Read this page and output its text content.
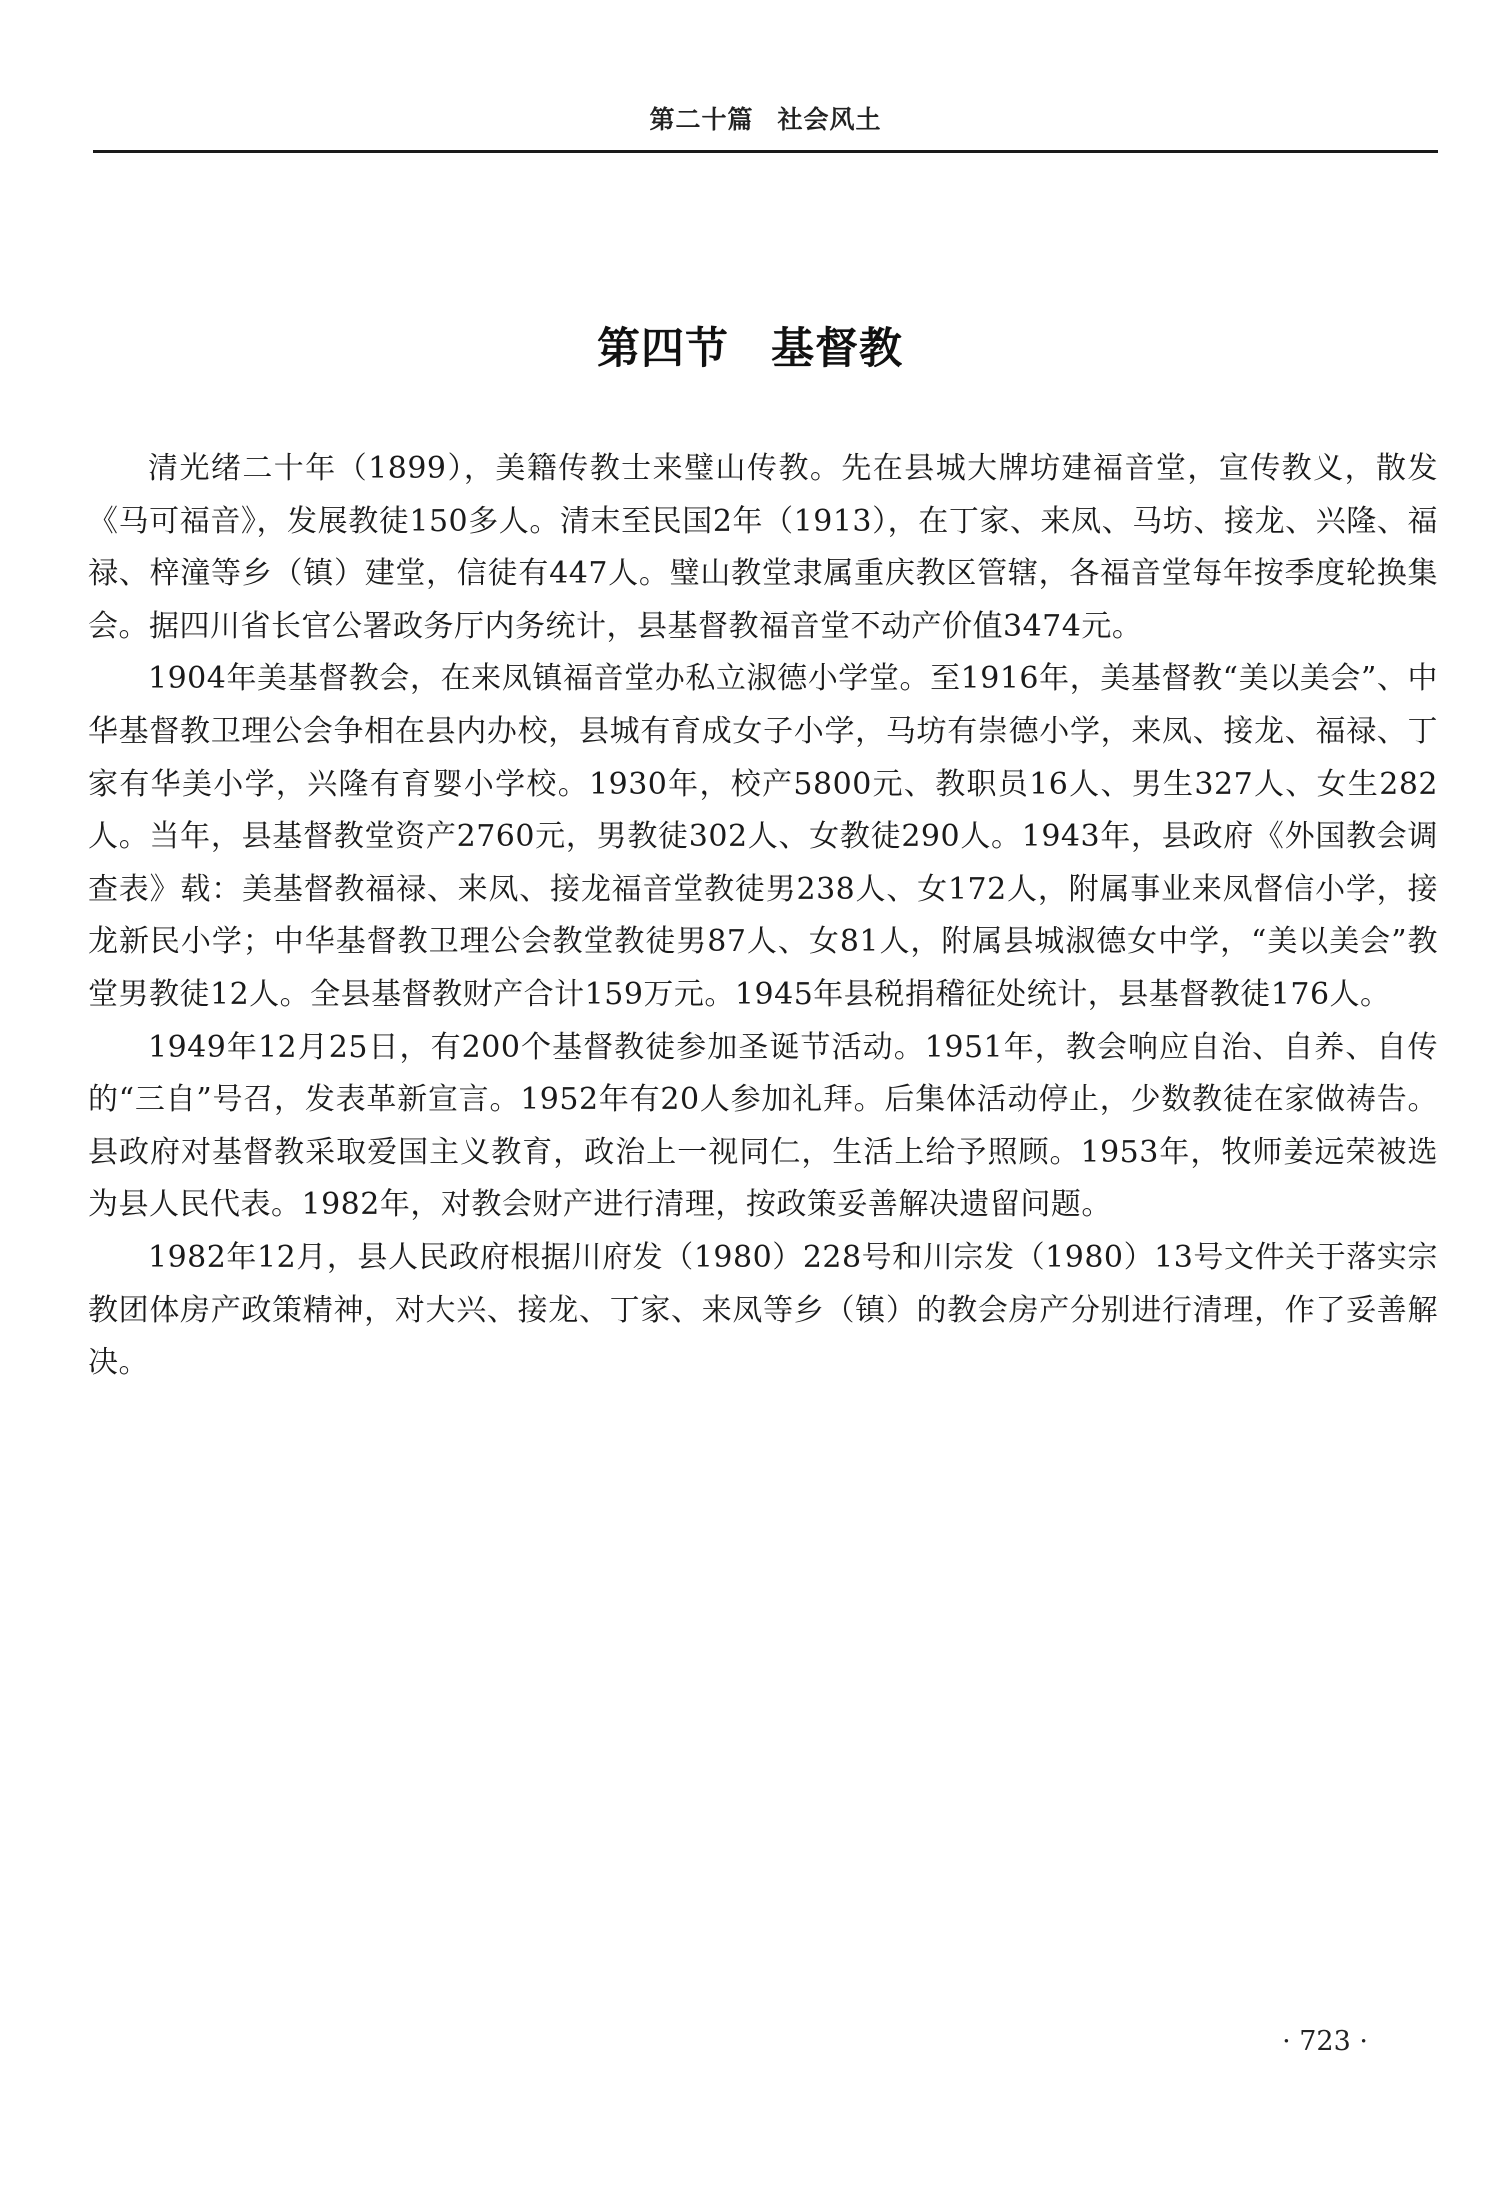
第二十篇 社会风土
第四节 基督教

清光绪二十年（1899），美籍传教士来璧山传教。先在县城大牌坊建福音堂，宣传教义，散发《马可福音》，发展教徒150多人。清末至民国2年（1913），在丁家、来凤、马坊、接龙、兴隆、福禄、梓潼等乡（镇）建堂，信徒有447人。璧山教堂隶属重庆教区管辖，各福音堂每年按季度轮换集会。据四川省长官公署政务厅内务统计，县基督教福音堂不动产价值3474元。

1904年美基督教会，在来凤镇福音堂办私立淑德小学堂。至1916年，美基督教“美以美会”、中华基督教卫理公会争相在县内办校，县城有育成女子小学，马坊有崇德小学，来凤、接龙、福禄、丁家有华美小学，兴隆有育婴小学校。1930年，校产5800元、教职员16人、男生327人、女生282人。当年，县基督教堂资产2760元，男教徒302人、女教徒290人。1943年，县政府《外国教会调查表》载：美基督教福禄、来凤、接龙福音堂教徒男238人、女172人，附属事业来凤督信小学，接龙新民小学；中华基督教卫理公会教堂教徒男87人、女81人，附属县城淑德女中学，“美以美会”教堂男教徒12人。全县基督教财产合计159万元。1945年县税捐稽征处统计，县基督教徒176人。

1949年12月25日，有200个基督教徒参加圣诞节活动。1951年，教会响应自治、自养、自传的“三自”号召，发表革新宣言。1952年有20人参加礼拜。后集体活动停止，少数教徒在家做祷告。县政府对基督教采取爱国主义教育，政治上一视同仁，生活上给予照顾。1953年，牧师姜远荣被选为县人民代表。1982年，对教会财产进行清理，按政策妥善解决遗留问题。

1982年12月，县人民政府根据川府发（1980）228号和川宗发（1980）13号文件关于落实宗教团体房产政策精神，对大兴、接龙、丁家、来凤等乡（镇）的教会房产分别进行清理，作了妥善解决。

· 723 ·
